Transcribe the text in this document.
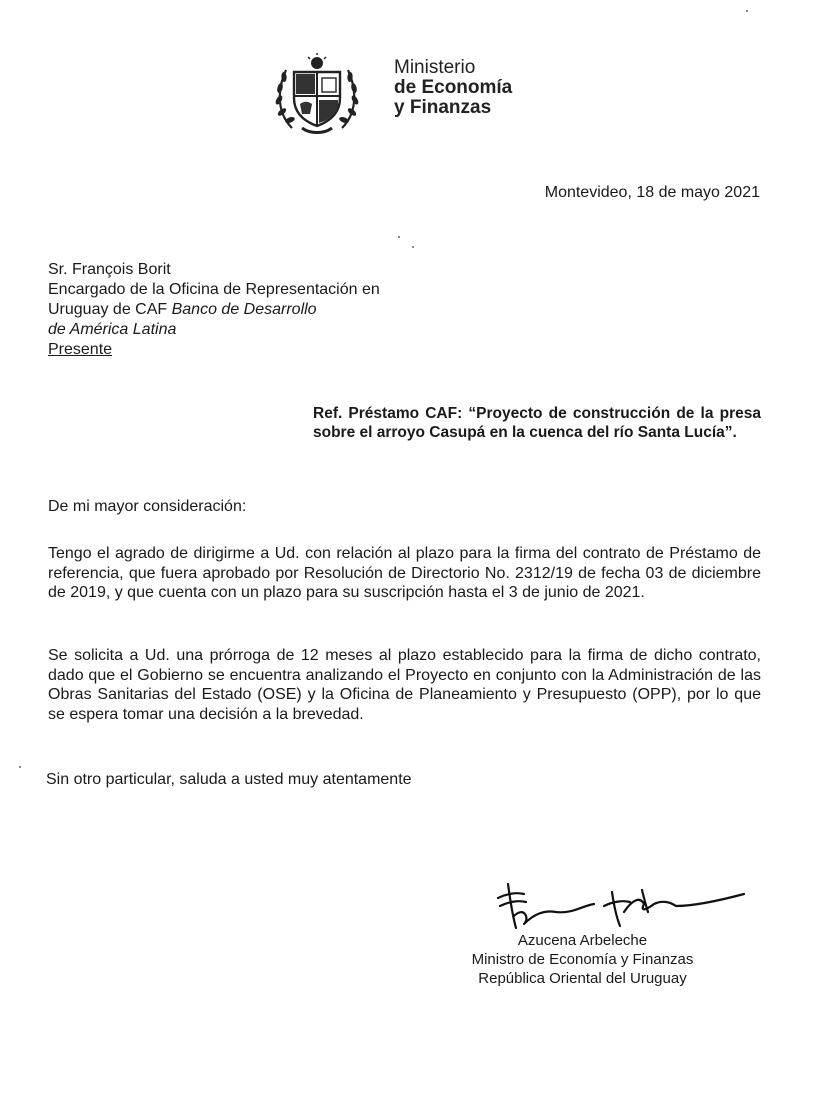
Ministerio
de Economía
y Finanzas
Montevideo, 18 de mayo 2021
Sr. François Borit
Encargado de la Oficina de Representación en
Uruguay de CAF Banco de Desarrollo
de América Latina
Presente
Ref. Préstamo CAF: “Proyecto de construcción de la presa sobre el arroyo Casupá en la cuenca del río Santa Lucía”.
De mi mayor consideración:
Tengo el agrado de dirigirme a Ud. con relación al plazo para la firma del contrato de Préstamo de referencia, que fuera aprobado por Resolución de Directorio No. 2312/19 de fecha 03 de diciembre de 2019, y que cuenta con un plazo para su suscripción hasta el 3 de junio de 2021.
Se solicita a Ud. una prórroga de 12 meses al plazo establecido para la firma de dicho contrato, dado que el Gobierno se encuentra analizando el Proyecto en conjunto con la Administración de las Obras Sanitarias del Estado (OSE) y la Oficina de Planeamiento y Presupuesto (OPP), por lo que se espera tomar una decisión a la brevedad.
Sin otro particular, saluda a usted muy atentamente
Azucena Arbeleche
Ministro de Economía y Finanzas
República Oriental del Uruguay
